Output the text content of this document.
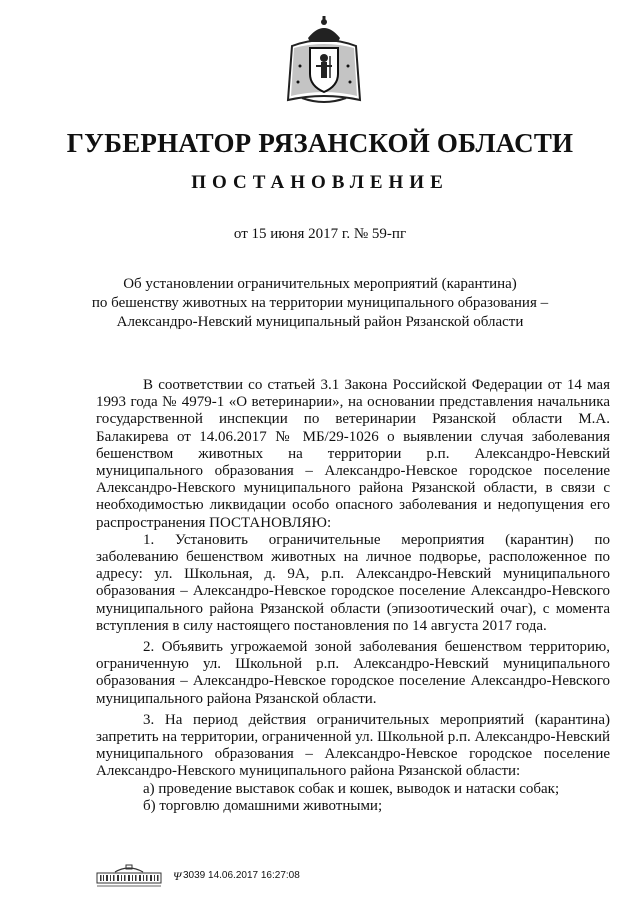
ГУБЕРНАТОР РЯЗАНСКОЙ ОБЛАСТИ
ПОСТАНОВЛЕНИЕ
от 15 июня 2017 г. № 59-пг
Об установлении ограничительных мероприятий (карантина)
по бешенству животных на территории муниципального образования –
Александро-Невский муниципальный район Рязанской области

В соответствии со статьей 3.1 Закона Российской Федерации от 14 мая 1993 года № 4979-1 «О ветеринарии», на основании представления начальника государственной инспекции по ветеринарии Рязанской области М.А. Балакирева от 14.06.2017 № МБ/29-1026 о выявлении случая заболевания бешенством животных на территории р.п. Александро-Невский муниципального образования – Александро-Невское городское поселение Александро-Невского муниципального района Рязанской области, в связи с необходимостью ликвидации особо опасного заболевания и недопущения его распространения ПОСТАНОВЛЯЮ:

1. Установить ограничительные мероприятия (карантин) по заболеванию бешенством животных на личное подворье, расположенное по адресу: ул. Школьная, д. 9А, р.п. Александро-Невский муниципального образования – Александро-Невское городское поселение Александро-Невского муниципального района Рязанской области (эпизоотический очаг), с момента вступления в силу настоящего постановления по 14 августа 2017 года.

2. Объявить угрожаемой зоной заболевания бешенством территорию, ограниченную ул. Школьной р.п. Александро-Невский муниципального образования – Александро-Невское городское поселение Александро-Невского муниципального района Рязанской области.

3. На период действия ограничительных мероприятий (карантина) запретить на территории, ограниченной ул. Школьной р.п. Александро-Невский муниципального образования – Александро-Невское городское поселение Александро-Невского муниципального района Рязанской области:

а) проведение выставок собак и кошек, выводок и натаски собак;

б) торговлю домашними животными;

Ψ 3039 14.06.2017 16:27:08
